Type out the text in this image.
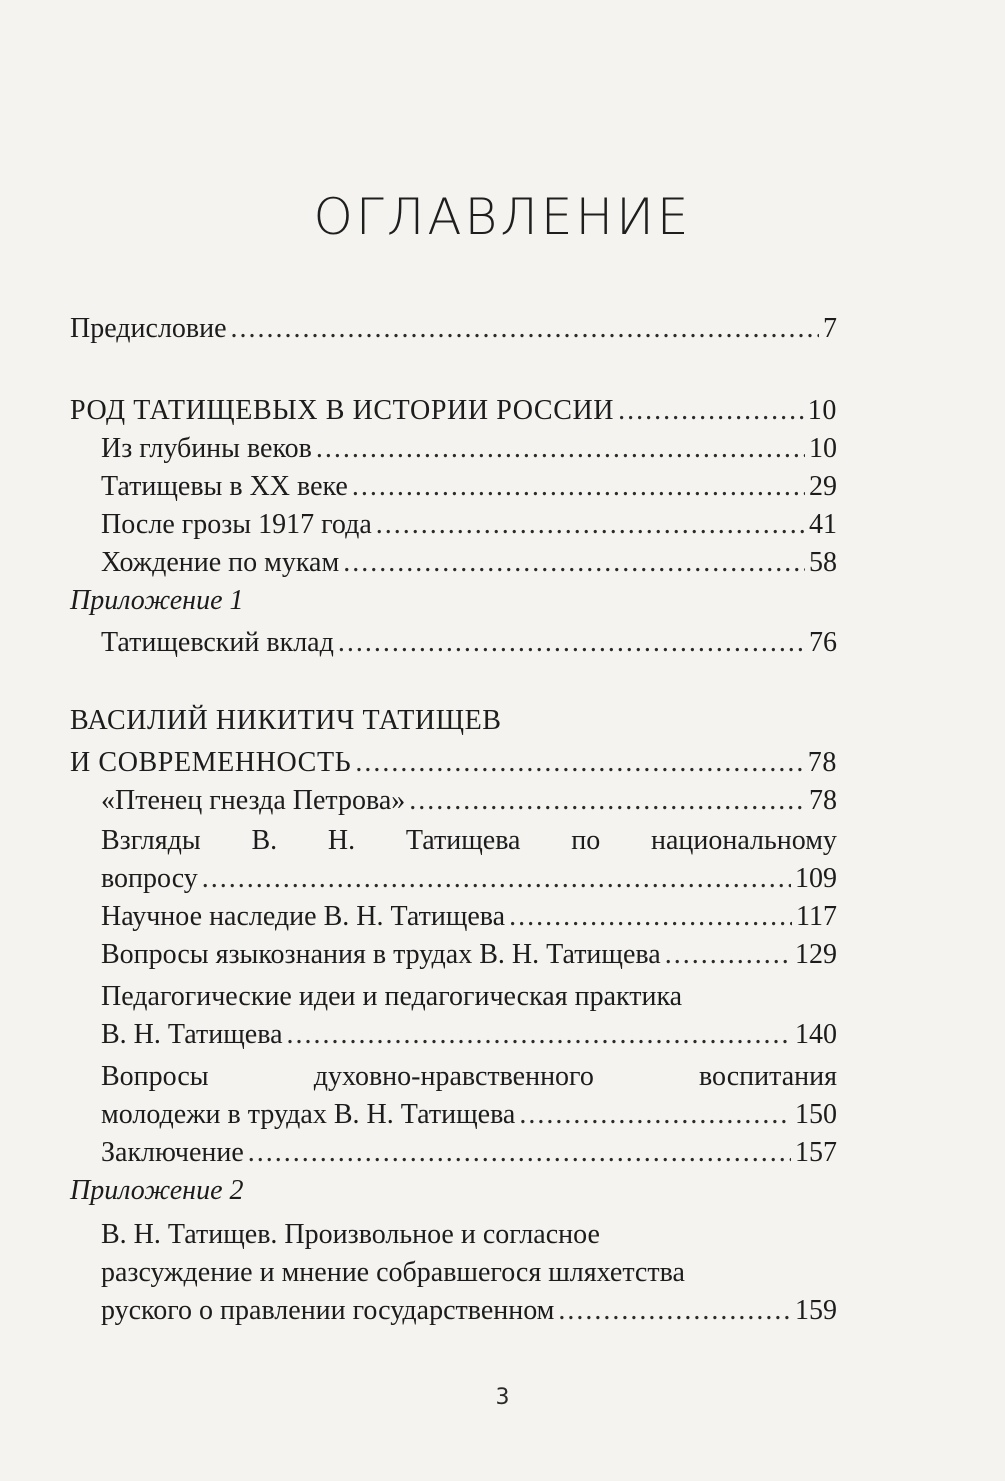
ОГЛАВЛЕНИЕ
Предисловие .....	7
РОД ТАТИЩЕВЫХ В ИСТОРИИ РОССИИ .....	10
Из глубины веков .....	10
Татищевы в XX веке .....	29
После грозы 1917 года .....	41
Хождение по мукам .....	58
Приложение 1
Татищевский вклад .....	76
ВАСИЛИЙ НИКИТИЧ ТАТИЩЕВ
И СОВРЕМЕННОСТЬ .....	78
«Птенец гнезда Петрова» .....	78
Взгляды В. Н. Татищева по национальному
вопросу .....	109
Научное наследие В. Н. Татищева .....	117
Вопросы языкознания в трудах В. Н. Татищева .....	129
Педагогические идеи и педагогическая практика
В. Н. Татищева .....	140
Вопросы	духовно-нравственного	воспитания
молодежи в трудах В. Н. Татищева .....	150
Заключение .....	157
Приложение 2
В. Н. Татищев. Произвольное и согласное
разсуждение и мнение собравшегося шляхетства
руского о правлении государственном .....	159
3
